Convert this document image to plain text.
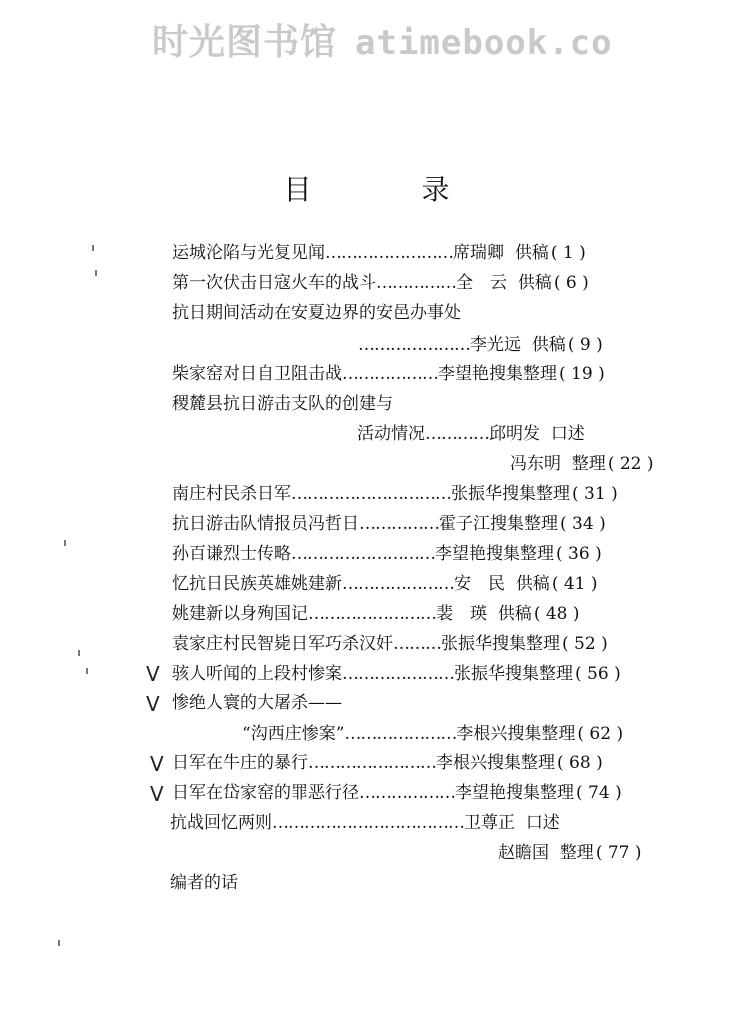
时光图书馆 atimebook.co
目录
运城沦陷与光复见闻……………………席瑞卿 供稿 ( 1 )
第一次伏击日寇火车的战斗……………全　云 供稿 ( 6 )
抗日期间活动在安夏边界的安邑办事处
…………………李光远 供稿 ( 9 )
柴家窑对日自卫阻击战………………李望艳搜集整理 ( 19 )
稷麓县抗日游击支队的创建与
活动情况…………邱明发 口述
冯东明 整理 ( 22 )
南庄村民杀日军…………………………张振华搜集整理 ( 31 )
抗日游击队情报员冯哲日……………霍子江搜集整理 ( 34 )
孙百谦烈士传略………………………李望艳搜集整理 ( 36 )
忆抗日民族英雄姚建新…………………安　民 供稿 ( 41 )
姚建新以身殉国记……………………裴　瑛 供稿 ( 48 )
袁家庄村民智毙日军巧杀汉奸………张振华搜集整理 ( 52 )
V 骇人听闻的上段村惨案…………………张振华搜集整理 ( 56 )
V 惨绝人寰的大屠杀——
“沟西庄惨案”…………………李根兴搜集整理 ( 62 )
V 日军在牛庄的暴行……………………李根兴搜集整理 ( 68 )
V 日军在岱家窑的罪恶行径………………李望艳搜集整理 ( 74 )
抗战回忆两则………………………………卫尊正 口述
赵瞻国 整理 ( 77 )
编者的话
